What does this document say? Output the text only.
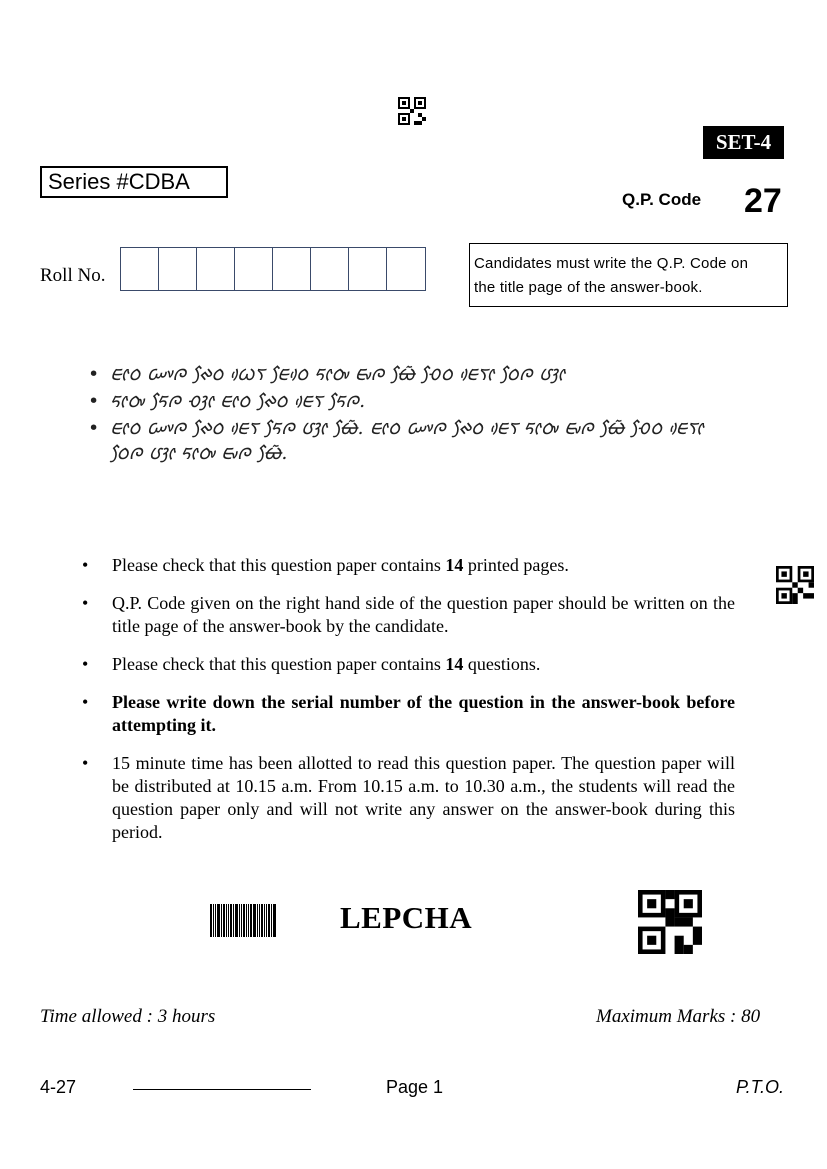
SET-4
Series #CDBA
Q.P. Code 27
Roll No.
Candidates must write the Q.P. Code on
the title page of the answer-book.
• ᰀᰦᰓ ᰠᰤᰍ ᰊᰧᰓ ᰃᰴᰛ ᰀᰧᰓᰴ ᰁᰦᰓᰤ ᰀᰤᰍ ᰄᰧᰶ ᰆᰧᰓ ᰀᰴᰛᰦ ᰓᰧᰍ ᰂᰫᰦ
• ᰁᰦᰓᰤ ᰁᰧᰍ ᰆᰫᰦ ᰀᰦᰓ ᰊᰧᰓ ᰀᰴᰛ ᰁᰧᰍ.
• ᰀᰦᰓ ᰠᰤᰍ ᰊᰧᰓ ᰀᰴᰛ ᰁᰧᰍ ᰂᰫᰦ ᰄᰧᰶ. ᰀᰦᰓ ᰠᰤᰍ ᰊᰧᰓ ᰀᰴᰛ ᰁᰦᰓᰤ ᰀᰤᰍ ᰄᰧᰶ ᰆᰧᰓ ᰀᰴᰛᰦ ᰓᰧᰍ ᰂᰫᰦ ᰁᰦᰓᰤ ᰀᰤᰍ ᰄᰧᰶ.
• Please check that this question paper contains 14 printed pages.
• Q.P. Code given on the right hand side of the question paper should be written on the title page of the answer-book by the candidate.
• Please check that this question paper contains 14 questions.
• Please write down the serial number of the question in the answer-book before attempting it.
• 15 minute time has been allotted to read this question paper. The question paper will be distributed at 10.15 a.m. From 10.15 a.m. to 10.30 a.m., the students will read the question paper only and will not write any answer on the answer-book during this period.
LEPCHA
Time allowed : 3 hours	Maximum Marks : 80
4-27	Page 1	P.T.O.
